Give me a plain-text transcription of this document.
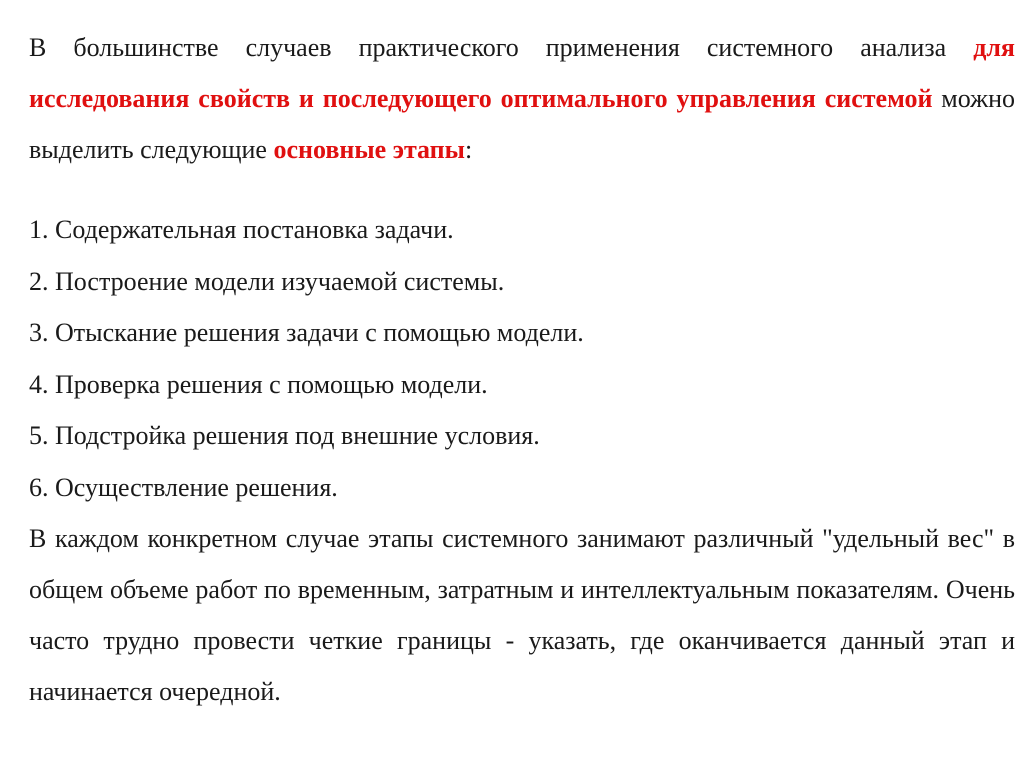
В большинстве случаев практического применения системного анализа для исследования свойств и последующего оптимального управления системой можно выделить следующие основные этапы:

1. Содержательная постановка задачи.
2. Построение модели изучаемой системы.
3. Отыскание решения задачи с помощью модели.
4. Проверка решения с помощью модели.
5. Подстройка решения под внешние условия.
6. Осуществление решения.

В каждом конкретном случае этапы системного занимают различный "удельный вес" в общем объеме работ по временным, затратным и интеллектуальным показателям. Очень часто трудно провести четкие границы - указать, где оканчивается данный этап и начинается очередной.
